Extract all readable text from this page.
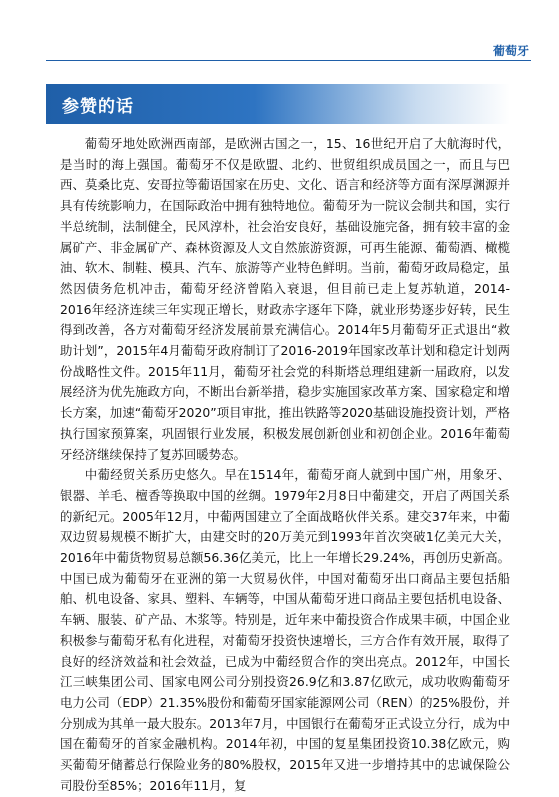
葡萄牙
参赞的话

葡萄牙地处欧洲西南部，是欧洲古国之一，15、16世纪开启了大航海时代，是当时的海上强国。葡萄牙不仅是欧盟、北约、世贸组织成员国之一，而且与巴西、莫桑比克、安哥拉等葡语国家在历史、文化、语言和经济等方面有深厚渊源并具有传统影响力，在国际政治中拥有独特地位。葡萄牙为一院议会制共和国，实行半总统制，法制健全，民风淳朴，社会治安良好，基础设施完备，拥有较丰富的金属矿产、非金属矿产、森林资源及人文自然旅游资源，可再生能源、葡萄酒、橄榄油、软木、制鞋、模具、汽车、旅游等产业特色鲜明。当前，葡萄牙政局稳定，虽然因债务危机冲击，葡萄牙经济曾陷入衰退，但目前已走上复苏轨道，2014-2016年经济连续三年实现正增长，财政赤字逐年下降，就业形势逐步好转，民生得到改善，各方对葡萄牙经济发展前景充满信心。2014年5月葡萄牙正式退出“救助计划”，2015年4月葡萄牙政府制订了2016-2019年国家改革计划和稳定计划两份战略性文件。2015年11月，葡萄牙社会党的科斯塔总理组建新一届政府，以发展经济为优先施政方向，不断出台新举措，稳步实施国家改革方案、国家稳定和增长方案，加速“葡萄牙2020”项目审批，推出铁路等2020基础设施投资计划，严格执行国家预算案，巩固银行业发展，积极发展创新创业和初创企业。2016年葡萄牙经济继续保持了复苏回暖势态。

中葡经贸关系历史悠久。早在1514年，葡萄牙商人就到中国广州，用象牙、银器、羊毛、檀香等换取中国的丝绸。1979年2月8日中葡建交，开启了两国关系的新纪元。2005年12月，中葡两国建立了全面战略伙伴关系。建交37年来，中葡双边贸易规模不断扩大，由建交时的20万美元到1993年首次突破1亿美元大关，2016年中葡货物贸易总额56.36亿美元，比上一年增长29.24%，再创历史新高。中国已成为葡萄牙在亚洲的第一大贸易伙伴，中国对葡萄牙出口商品主要包括船舶、机电设备、家具、塑料、车辆等，中国从葡萄牙进口商品主要包括机电设备、车辆、服装、矿产品、木浆等。特别是，近年来中葡投资合作成果丰硕，中国企业积极参与葡萄牙私有化进程，对葡萄牙投资快速增长，三方合作有效开展，取得了良好的经济效益和社会效益，已成为中葡经贸合作的突出亮点。2012年，中国长江三峡集团公司、国家电网公司分别投资26.9亿和3.87亿欧元，成功收购葡萄牙电力公司（EDP）21.35%股份和葡萄牙国家能源网公司（REN）的25%股份，并分别成为其单一最大股东。2013年7月，中国银行在葡萄牙正式设立分行，成为中国在葡萄牙的首家金融机构。2014年初，中国的复星集团投资10.38亿欧元，购买葡萄牙储蓄总行保险业务的80%股权，2015年又进一步增持其中的忠诚保险公司股份至85%；2016年11月，复
